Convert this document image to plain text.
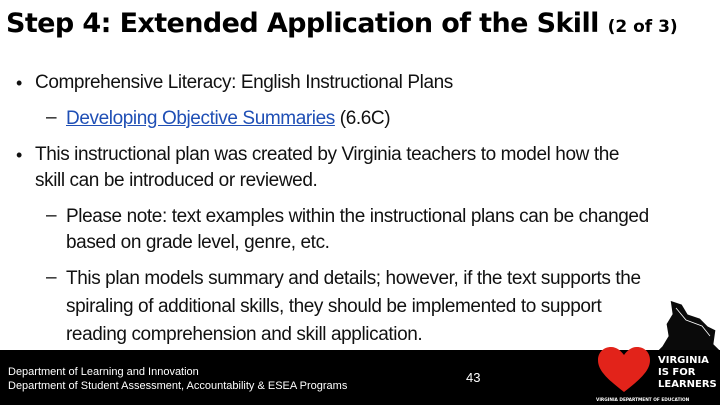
Step 4: Extended Application of the Skill (2 of 3)
• Comprehensive Literacy: English Instructional Plans
– Developing Objective Summaries (6.6C)
• This instructional plan was created by Virginia teachers to model how the
skill can be introduced or reviewed.
– Please note: text examples within the instructional plans can be changed
based on grade level, genre, etc.
– This plan models summary and details; however, if the text supports the
spiraling of additional skills, they should be implemented to support
reading comprehension and skill application.
Department of Learning and Innovation
Department of Student Assessment, Accountability & ESEA Programs
43
VIRGINIA
IS FOR
LEARNERS
VIRGINIA DEPARTMENT OF EDUCATION
